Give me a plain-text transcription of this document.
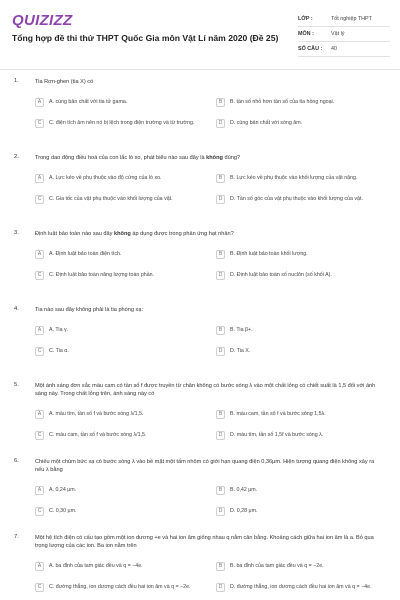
QUIZIZZ
Tổng hợp đề thi thử THPT Quốc Gia môn Vật Lí năm 2020 (Đề 25)
LỚP :	Tốt nghiệp THPT
MÔN :	Vật lý
SỐ CÂU :	40
1.	Tia Rơn-ghen (tia X) có
A	A. cùng bản chất với tia tử gama.	B	B. tần số nhỏ hơn tần số của tia hồng ngoại.
C	C. điện tích âm nên nó bị lệch trong điện trường và từ trường.	D	D. cùng bản chất với sóng âm.
2.	Trong dao động điều hoà của con lắc lò xo, phát biểu nào sau đây là không đúng?
A	A. Lực kéo về phụ thuộc vào độ cứng của lò xo.	B	B. Lực kéo về phụ thuộc vào khối lượng của vật nặng.
C	C. Gia tốc của vật phụ thuộc vào khối lượng của vật.	D	D. Tần số góc của vật phụ thuộc vào khối lượng của vật.
3.	Định luật bảo toàn nào sau đây không áp dụng được trong phản ứng hạt nhân?
A	A. Định luật bảo toàn điện tích.	B	B. Định luật bảo toàn khối lượng.
C	C. Định luật bảo toàn năng lượng toàn phần.	D	D. Định luật bảo toàn số nuclôn (số khối A).
4.	Tia nào sau đây không phải là tia phóng xạ:
A	A. Tia γ.	B	B. Tia β+.
C	C. Tia α.	D	D. Tia X.
5.	Một ánh sáng đơn sắc màu cam có tần số f được truyền từ chân không có bước sóng λ vào một chất lỏng có chiết suất là 1,5 đối với ánh sáng này. Trong chất lỏng trên, ánh sáng này có
A	A. màu tím, tần số f và bước sóng λ/1,5.	B	B. màu cam, tần số f và bước sóng 1,5λ.
C	C. màu cam, tần số f và bước sóng λ/1,5.	D	D. màu tím, tần số 1,5f và bước sóng λ.
6.	Chiếu một chùm bức xạ có bước sóng λ vào bề mặt một tấm nhôm có giới hạn quang điện 0,36μm. Hiện tượng quang điện không xảy ra nếu λ bằng
A	A. 0,24 μm.	B	B. 0,42 μm.
C	C. 0,30 μm.	D	D. 0,28 μm.
7.	Một hệ tích điện có cấu tạo gồm một ion dương +e và hai ion âm giống nhau q nằm cân bằng. Khoảng cách giữa hai ion âm là a. Bỏ qua trọng lượng của các ion. Ba ion nằm trên
A	A. ba đỉnh của tam giác đều và q = −4e.	B	B. ba đỉnh của tam giác đều và q = −2e.
C	C. đường thẳng, ion dương cách đều hai ion âm và q = −2e.	D	D. đường thẳng, ion dương cách đều hai ion âm và q = −4e.
